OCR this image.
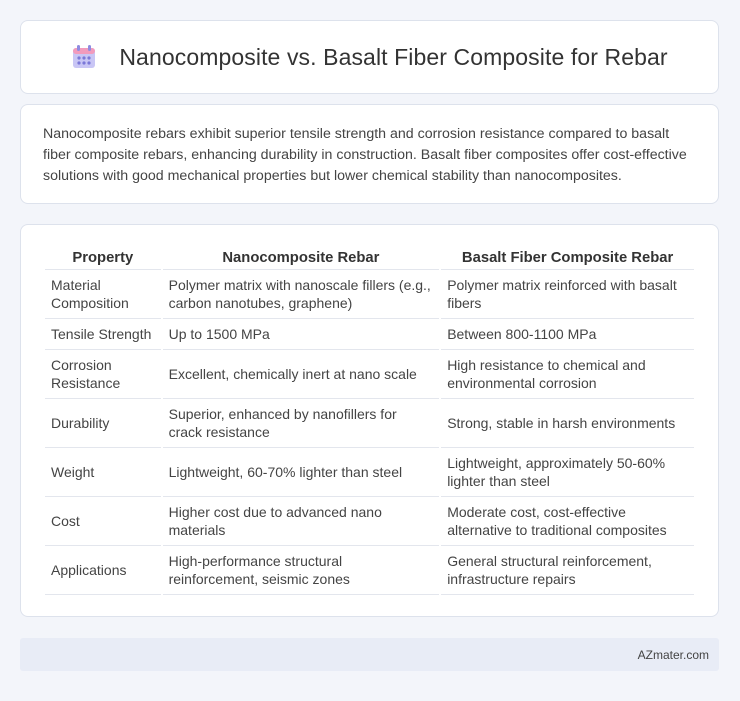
Nanocomposite vs. Basalt Fiber Composite for Rebar

Nanocomposite rebars exhibit superior tensile strength and corrosion resistance compared to basalt fiber composite rebars, enhancing durability in construction. Basalt fiber composites offer cost-effective solutions with good mechanical properties but lower chemical stability than nanocomposites.

Property	Nanocomposite Rebar	Basalt Fiber Composite Rebar
Material Composition	Polymer matrix with nanoscale fillers (e.g., carbon nanotubes, graphene)	Polymer matrix reinforced with basalt fibers
Tensile Strength	Up to 1500 MPa	Between 800-1100 MPa
Corrosion Resistance	Excellent, chemically inert at nano scale	High resistance to chemical and environmental corrosion
Durability	Superior, enhanced by nanofillers for crack resistance	Strong, stable in harsh environments
Weight	Lightweight, 60-70% lighter than steel	Lightweight, approximately 50-60% lighter than steel
Cost	Higher cost due to advanced nano materials	Moderate cost, cost-effective alternative to traditional composites
Applications	High-performance structural reinforcement, seismic zones	General structural reinforcement, infrastructure repairs
AZmater.com
